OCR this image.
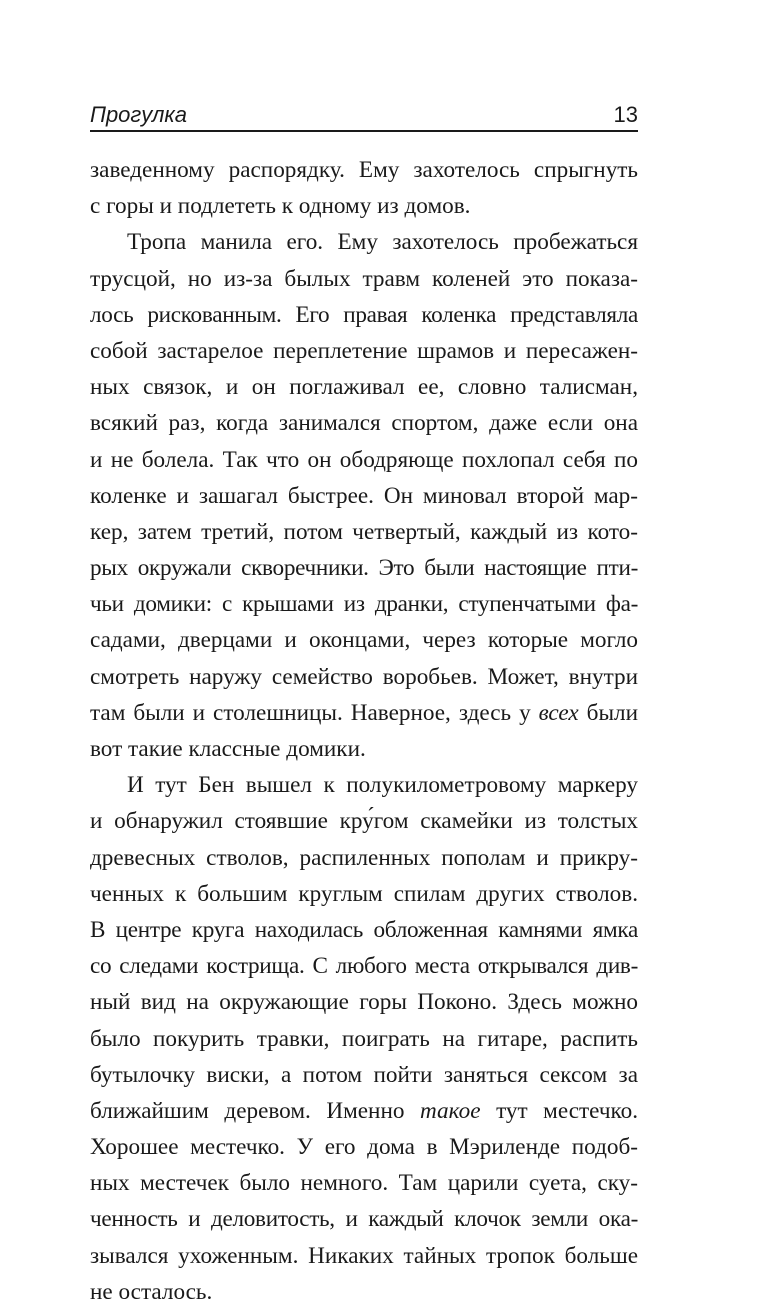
Прогулка	13
заведенному распорядку. Ему захотелось спрыгнуть
с горы и подлететь к одному из домов.
Тропа манила его. Ему захотелось пробежаться
трусцой, но из-за былых травм коленей это показа-
лось рискованным. Его правая коленка представляла
собой застарелое переплетение шрамов и пересажен-
ных связок, и он поглаживал ее, словно талисман,
всякий раз, когда занимался спортом, даже если она
и не болела. Так что он ободряюще похлопал себя по
коленке и зашагал быстрее. Он миновал второй мар-
кер, затем третий, потом четвертый, каждый из кото-
рых окружали скворечники. Это были настоящие пти-
чьи домики: с крышами из дранки, ступенчатыми фа-
садами, дверцами и оконцами, через которые могло
смотреть наружу семейство воробьев. Может, внутри
там были и столешницы. Наверное, здесь у всех были
вот такие классные домики.
И тут Бен вышел к полукилометровому маркеру
и обнаружил стоявшие кру́гом скамейки из толстых
древесных стволов, распиленных пополам и прикру-
ченных к большим круглым спилам других стволов.
В центре круга находилась обложенная камнями ямка
со следами кострища. С любого места открывался див-
ный вид на окружающие горы Поконо. Здесь можно
было покурить травки, поиграть на гитаре, распить
бутылочку виски, а потом пойти заняться сексом за
ближайшим деревом. Именно такое тут местечко.
Хорошее местечко. У его дома в Мэриленде подоб-
ных местечек было немного. Там царили суета, ску-
ченность и деловитость, и каждый клочок земли ока-
зывался ухоженным. Никаких тайных тропок больше
не осталось.
